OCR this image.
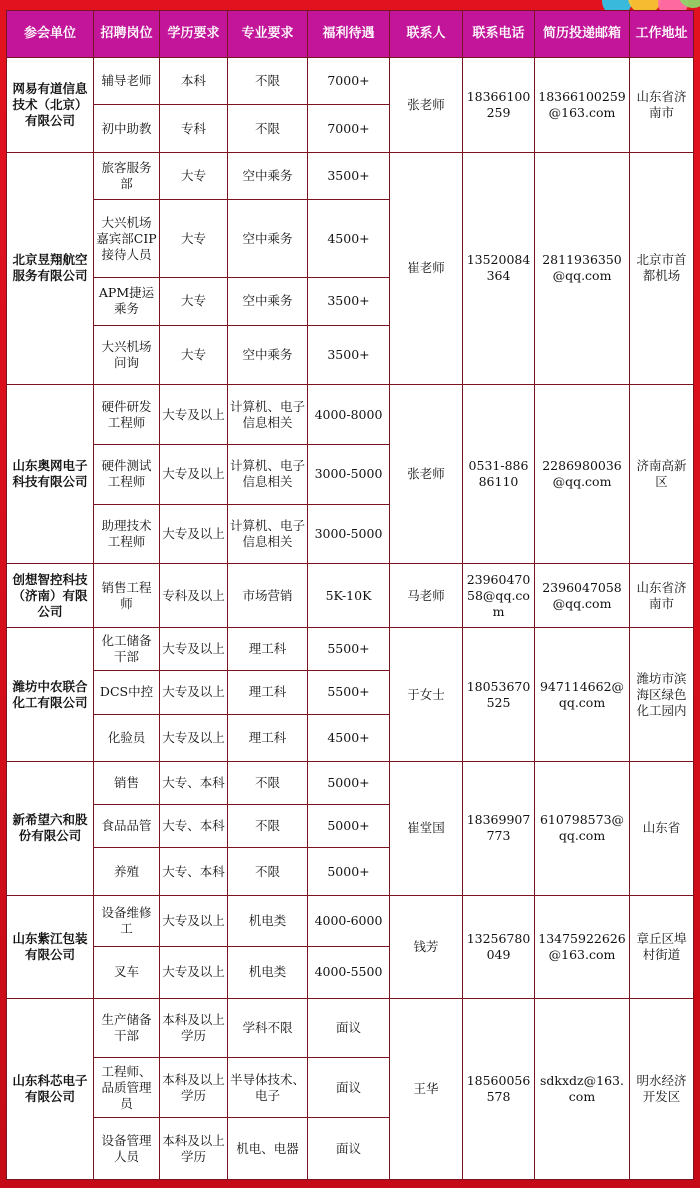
参会单位	招聘岗位	学历要求	专业要求	福利待遇	联系人	联系电话	简历投递邮箱	工作地址
网易有道信息技术（北京）有限公司	辅导老师	本科	不限	7000+	张老师	18366100259	18366100259@163.com	山东省济南市
	初中助教	专科	不限	7000+				
北京昱翔航空服务有限公司	旅客服务部	大专	空中乘务	3500+	崔老师	13520084364	2811936350@qq.com	北京市首都机场
	大兴机场嘉宾部CIP接待人员	大专	空中乘务	4500+				
	APM捷运乘务	大专	空中乘务	3500+				
	大兴机场问询	大专	空中乘务	3500+				
山东奥网电子科技有限公司	硬件研发工程师	大专及以上	计算机、电子信息相关	4000-8000	张老师	0531-88686110	2286980036@qq.com	济南高新区
	硬件测试工程师	大专及以上	计算机、电子信息相关	3000-5000				
	助理技术工程师	大专及以上	计算机、电子信息相关	3000-5000				
创想智控科技（济南）有限公司	销售工程师	专科及以上	市场营销	5K-10K	马老师	2396047058@qq.com	2396047058@qq.com	山东省济南市
潍坊中农联合化工有限公司	化工储备干部	大专及以上	理工科	5500+	于女士	18053670525	947114662@qq.com	潍坊市滨海区绿色化工园内
	DCS中控	大专及以上	理工科	5500+				
	化验员	大专及以上	理工科	4500+				
新希望六和股份有限公司	销售	大专、本科	不限	5000+	崔堂国	18369907773	610798573@qq.com	山东省
	食品品管	大专、本科	不限	5000+				
	养殖	大专、本科	不限	5000+				
山东紫江包装有限公司	设备维修工	大专及以上	机电类	4000-6000	钱芳	13256780049	13475922626@163.com	章丘区埠村街道
	叉车	大专及以上	机电类	4000-5500				
山东科芯电子有限公司	生产储备干部	本科及以上学历	学科不限	面议	王华	18560056578	sdkxdz@163.com	明水经济开发区
	工程师、品质管理员	本科及以上学历	半导体技术、电子	面议				
	设备管理人员	本科及以上学历	机电、电器	面议				
